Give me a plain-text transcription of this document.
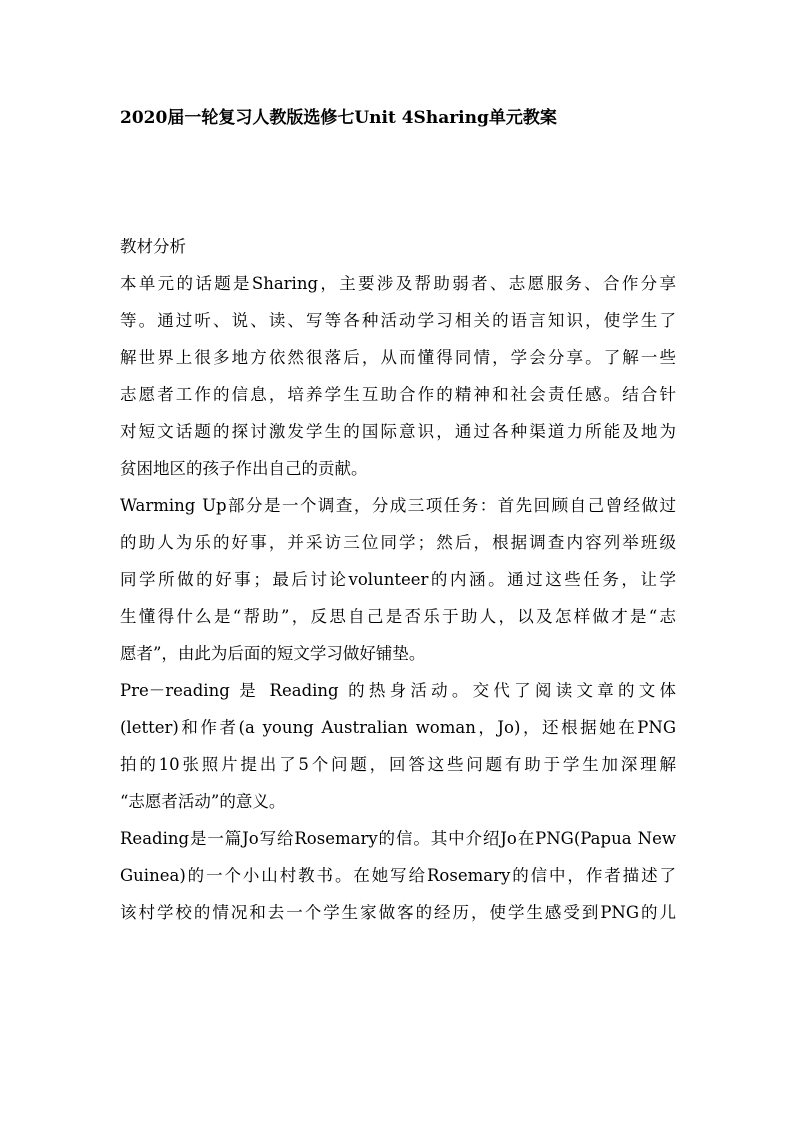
2020届一轮复习人教版选修七Unit 4Sharing单元教案
教材分析
本单元的话题是Sharing，主要涉及帮助弱者、志愿服务、合作分享
等。通过听、说、读、写等各种活动学习相关的语言知识，使学生了
解世界上很多地方依然很落后，从而懂得同情，学会分享。了解一些
志愿者工作的信息，培养学生互助合作的精神和社会责任感。结合针
对短文话题的探讨激发学生的国际意识，通过各种渠道力所能及地为
贫困地区的孩子作出自己的贡献。
Warming Up部分是一个调查，分成三项任务：首先回顾自己曾经做过
的助人为乐的好事，并采访三位同学；然后，根据调查内容列举班级
同学所做的好事；最后讨论volunteer的内涵。通过这些任务，让学
生懂得什么是“帮助”，反思自己是否乐于助人，以及怎样做才是“志
愿者”，由此为后面的短文学习做好铺垫。
Pre－reading 是 Reading 的热身活动。交代了阅读文章的文体
(letter)和作者(a young Australian woman，Jo)，还根据她在PNG
拍的10张照片提出了5个问题，回答这些问题有助于学生加深理解
“志愿者活动”的意义。
Reading是一篇Jo写给Rosemary的信。其中介绍Jo在PNG(Papua New
Guinea)的一个小山村教书。在她写给Rosemary的信中，作者描述了
该村学校的情况和去一个学生家做客的经历，使学生感受到PNG的儿
